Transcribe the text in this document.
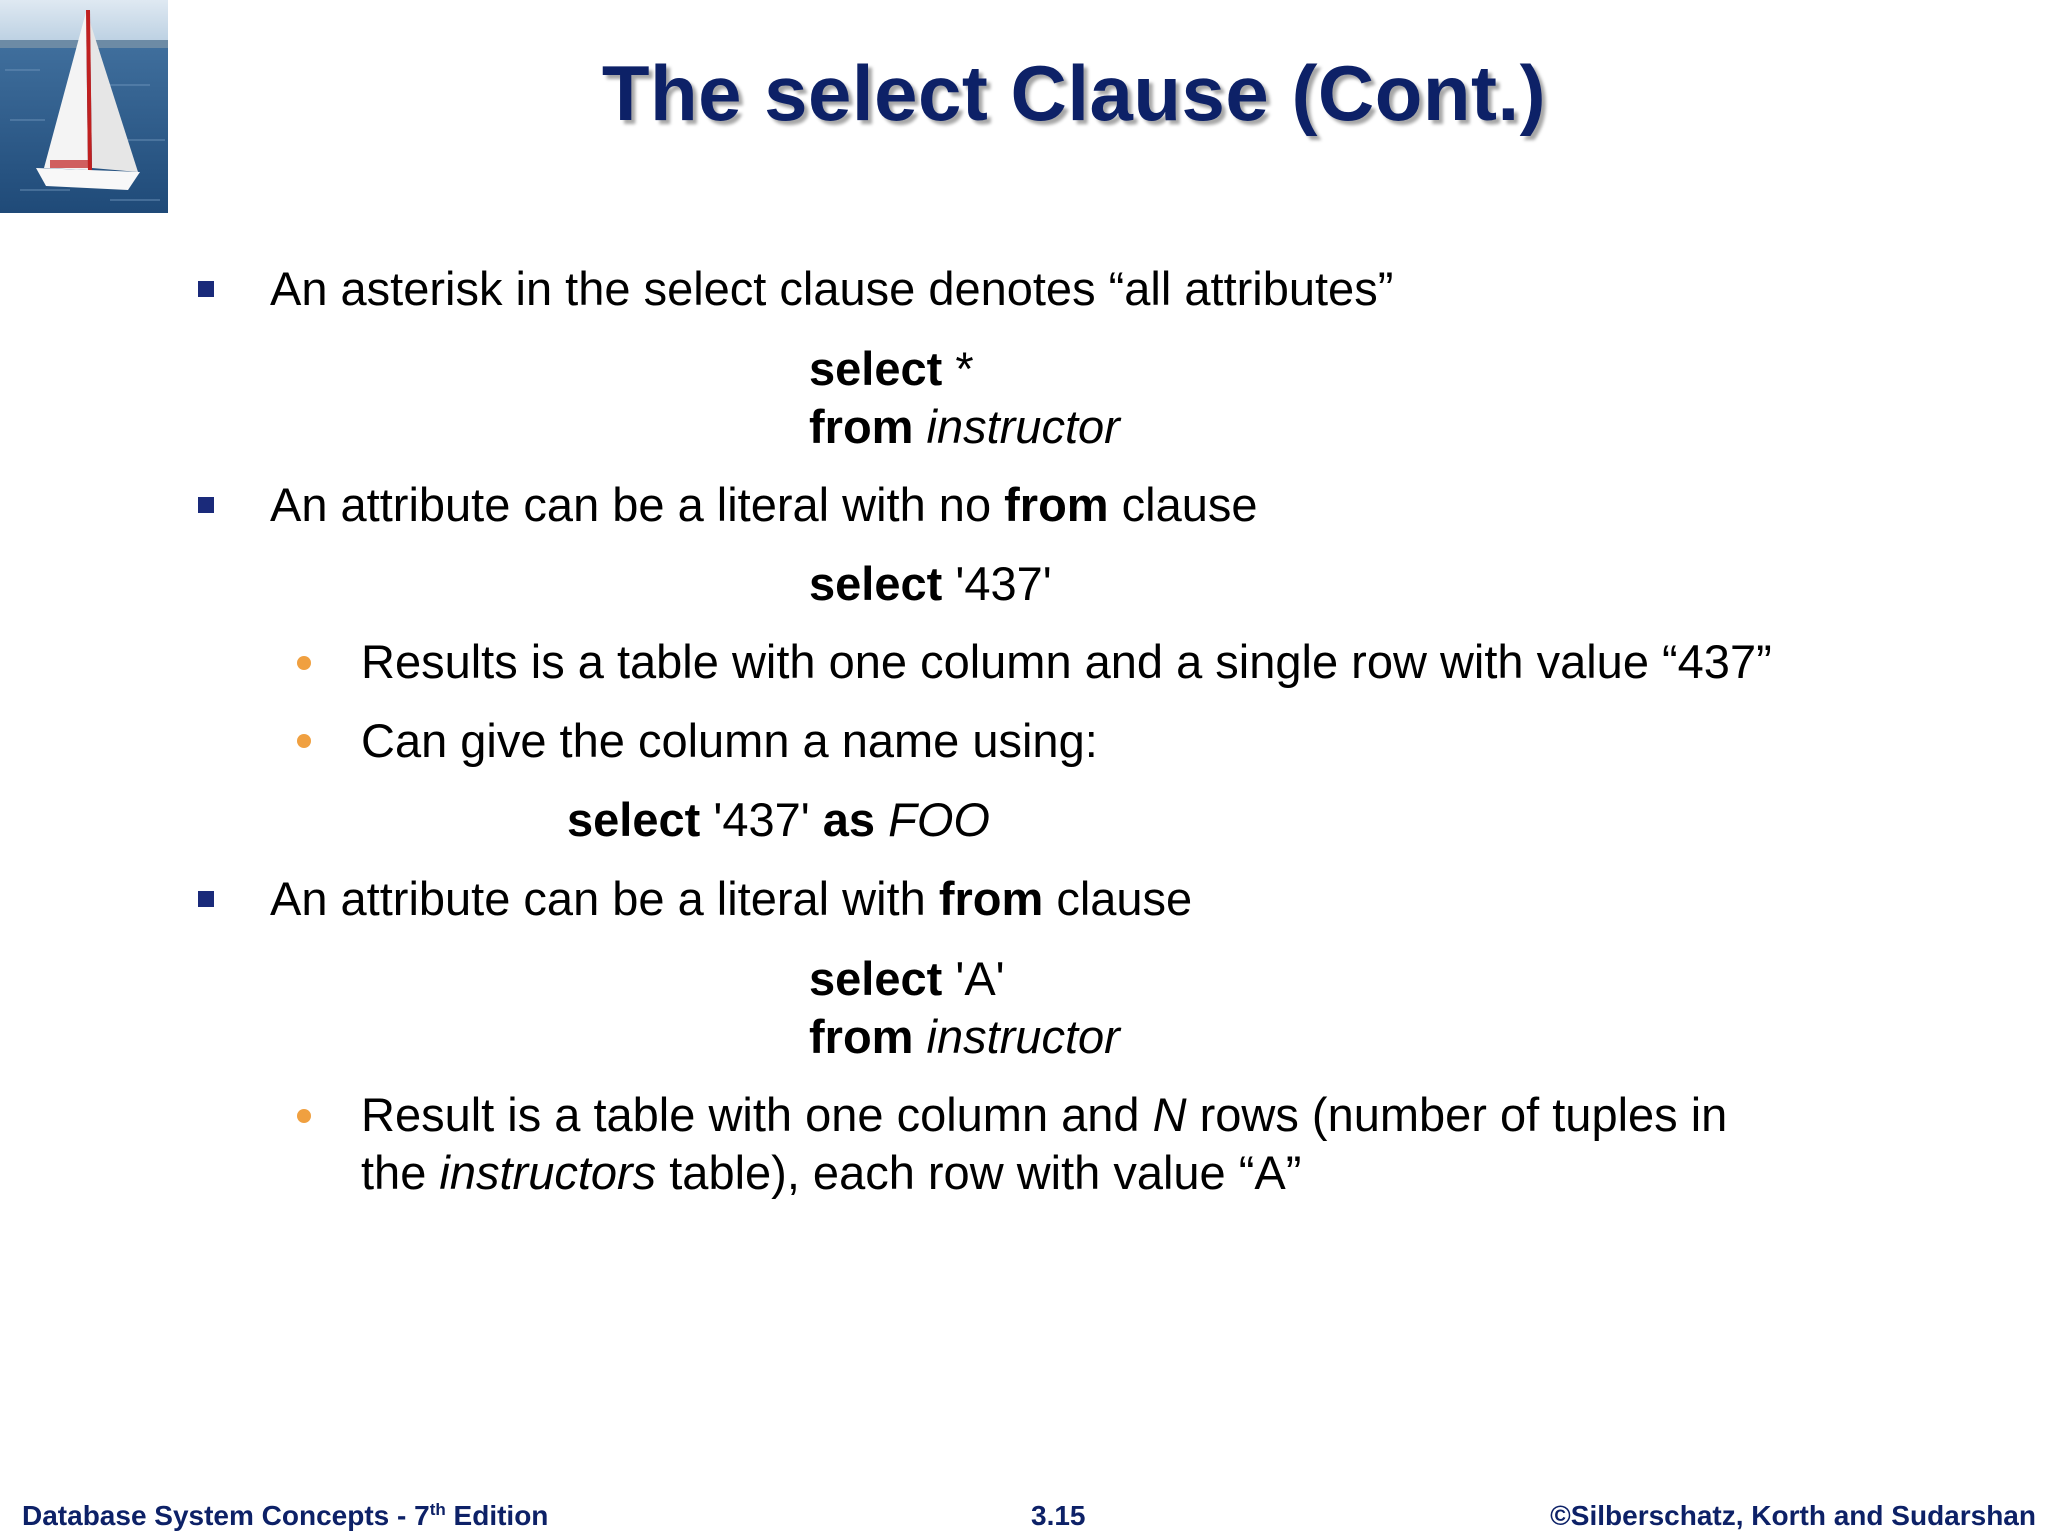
The select Clause (Cont.)
An asterisk in the select clause denotes “all attributes”
select *
from instructor
An attribute can be a literal with no from clause
select '437'
Results is a table with one column and a single row with value “437”
Can give the column a name using:
select '437' as FOO
An attribute can be a literal with from clause
select 'A'
from instructor
Result is a table with one column and N rows (number of tuples in
the instructors table), each row with value “A”
Database System Concepts - 7th Edition	3.15	©Silberschatz, Korth and Sudarshan
